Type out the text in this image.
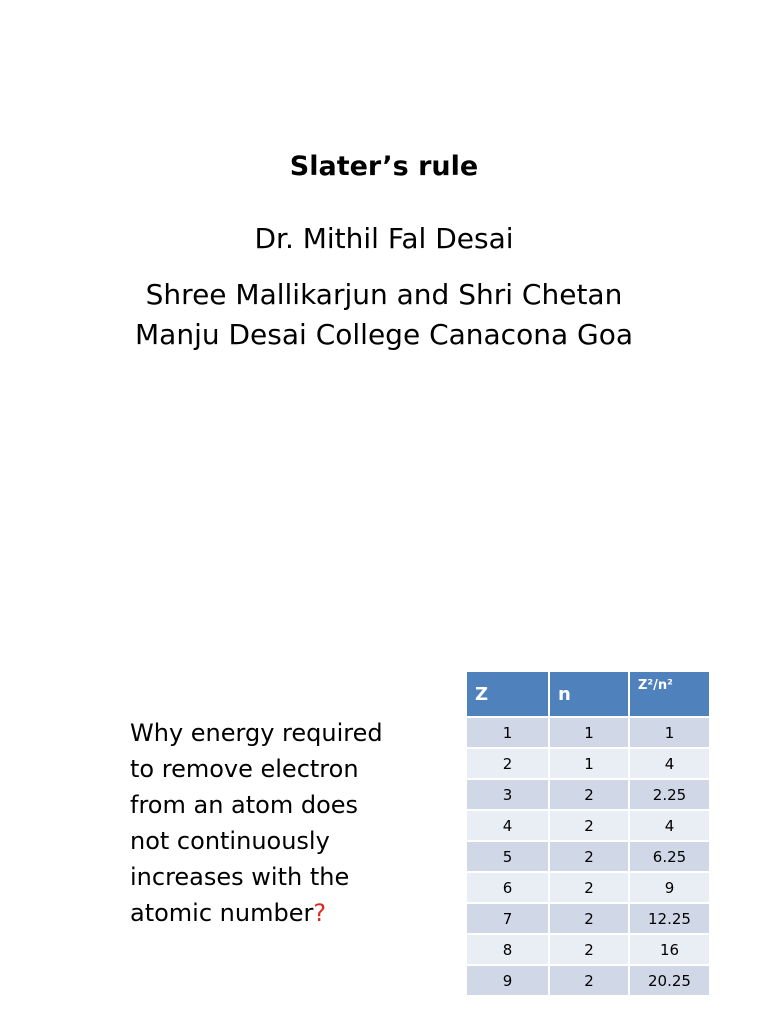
Slater’s rule
Dr. Mithil Fal Desai
Shree Mallikarjun and Shri Chetan
Manju Desai College Canacona Goa
Why energy required
to remove electron
from an atom does
not continuously
increases with the
atomic number?
Z	n	Z²/n²
1	1	1
2	1	4
3	2	2.25
4	2	4
5	2	6.25
6	2	9
7	2	12.25
8	2	16
9	2	20.25
